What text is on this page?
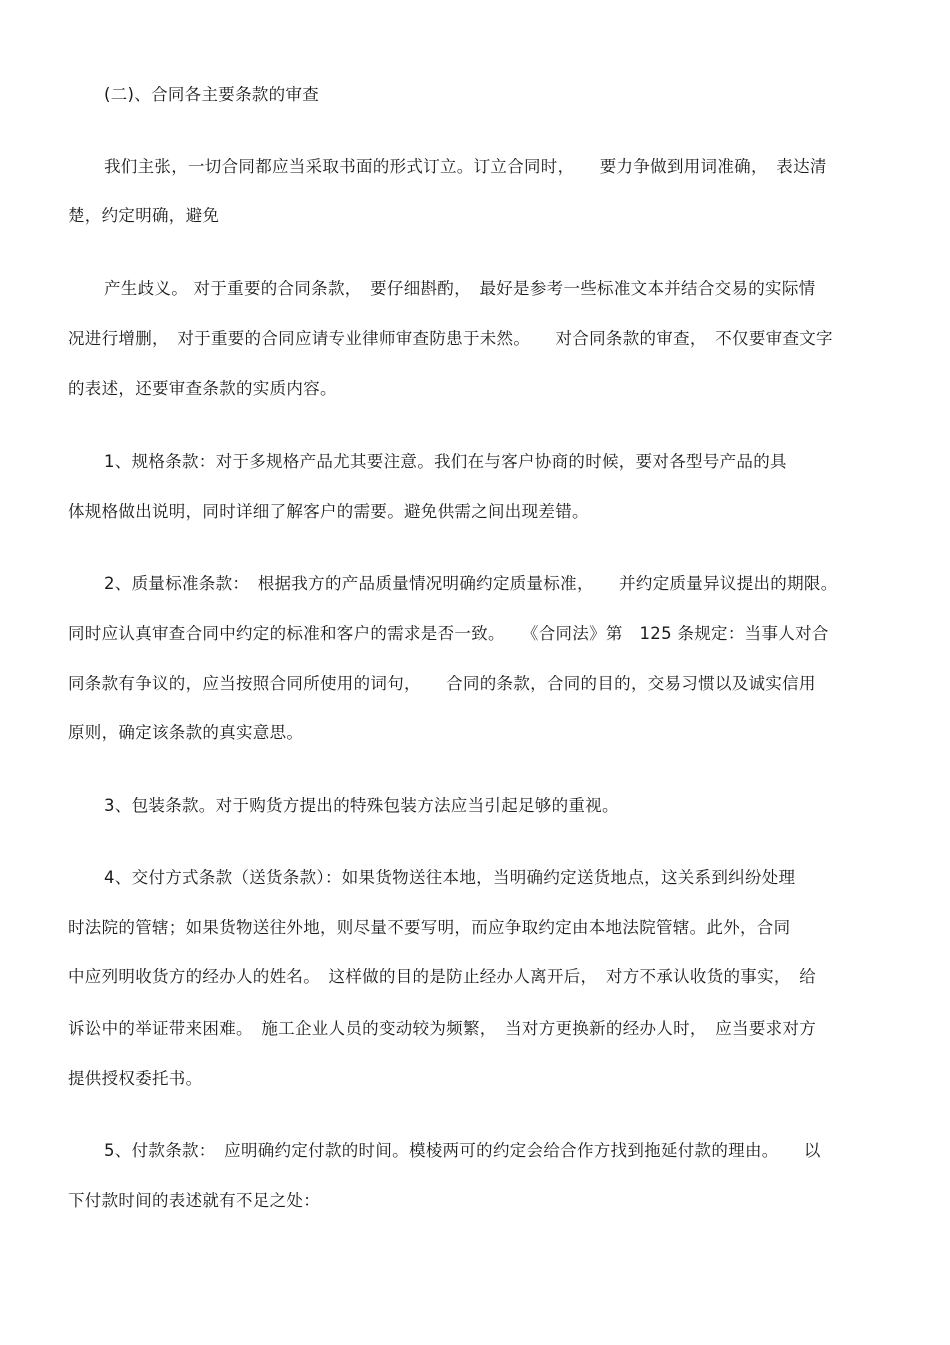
(二)、合同各主要条款的审查
我们主张，一切合同都应当采取书面的形式订立。订立合同时，　　要力争做到用词准确，　表达清
楚，约定明确，避免
产生歧义。 对于重要的合同条款，　要仔细斟酌，　最好是参考一些标准文本并结合交易的实际情
况进行增删，　对于重要的合同应请专业律师审查防患于未然。　　对合同条款的审查，　不仅要审查文字
的表述，还要审查条款的实质内容。
1、规格条款：对于多规格产品尤其要注意。我们在与客户协商的时候，要对各型号产品的具
体规格做出说明，同时详细了解客户的需要。避免供需之间出现差错。
2、质量标准条款：　根据我方的产品质量情况明确约定质量标准，　　并约定质量异议提出的期限。
同时应认真审查合同中约定的标准和客户的需求是否一致。　　《合同法》第　125 条规定：当事人对合
同条款有争议的，应当按照合同所使用的词句，　　合同的条款，合同的目的，交易习惯以及诚实信用
原则，确定该条款的真实意思。
3、包装条款。对于购货方提出的特殊包装方法应当引起足够的重视。
4、交付方式条款（送货条款）：如果货物送往本地，当明确约定送货地点，这关系到纠纷处理
时法院的管辖；如果货物送往外地，则尽量不要写明，而应争取约定由本地法院管辖。此外，合同
中应列明收货方的经办人的姓名。　这样做的目的是防止经办人离开后，　对方不承认收货的事实，　给
诉讼中的举证带来困难。　施工企业人员的变动较为频繁，　当对方更换新的经办人时，　应当要求对方
提供授权委托书。
5、付款条款：　应明确约定付款的时间。模棱两可的约定会给合作方找到拖延付款的理由。　　以
下付款时间的表述就有不足之处：
